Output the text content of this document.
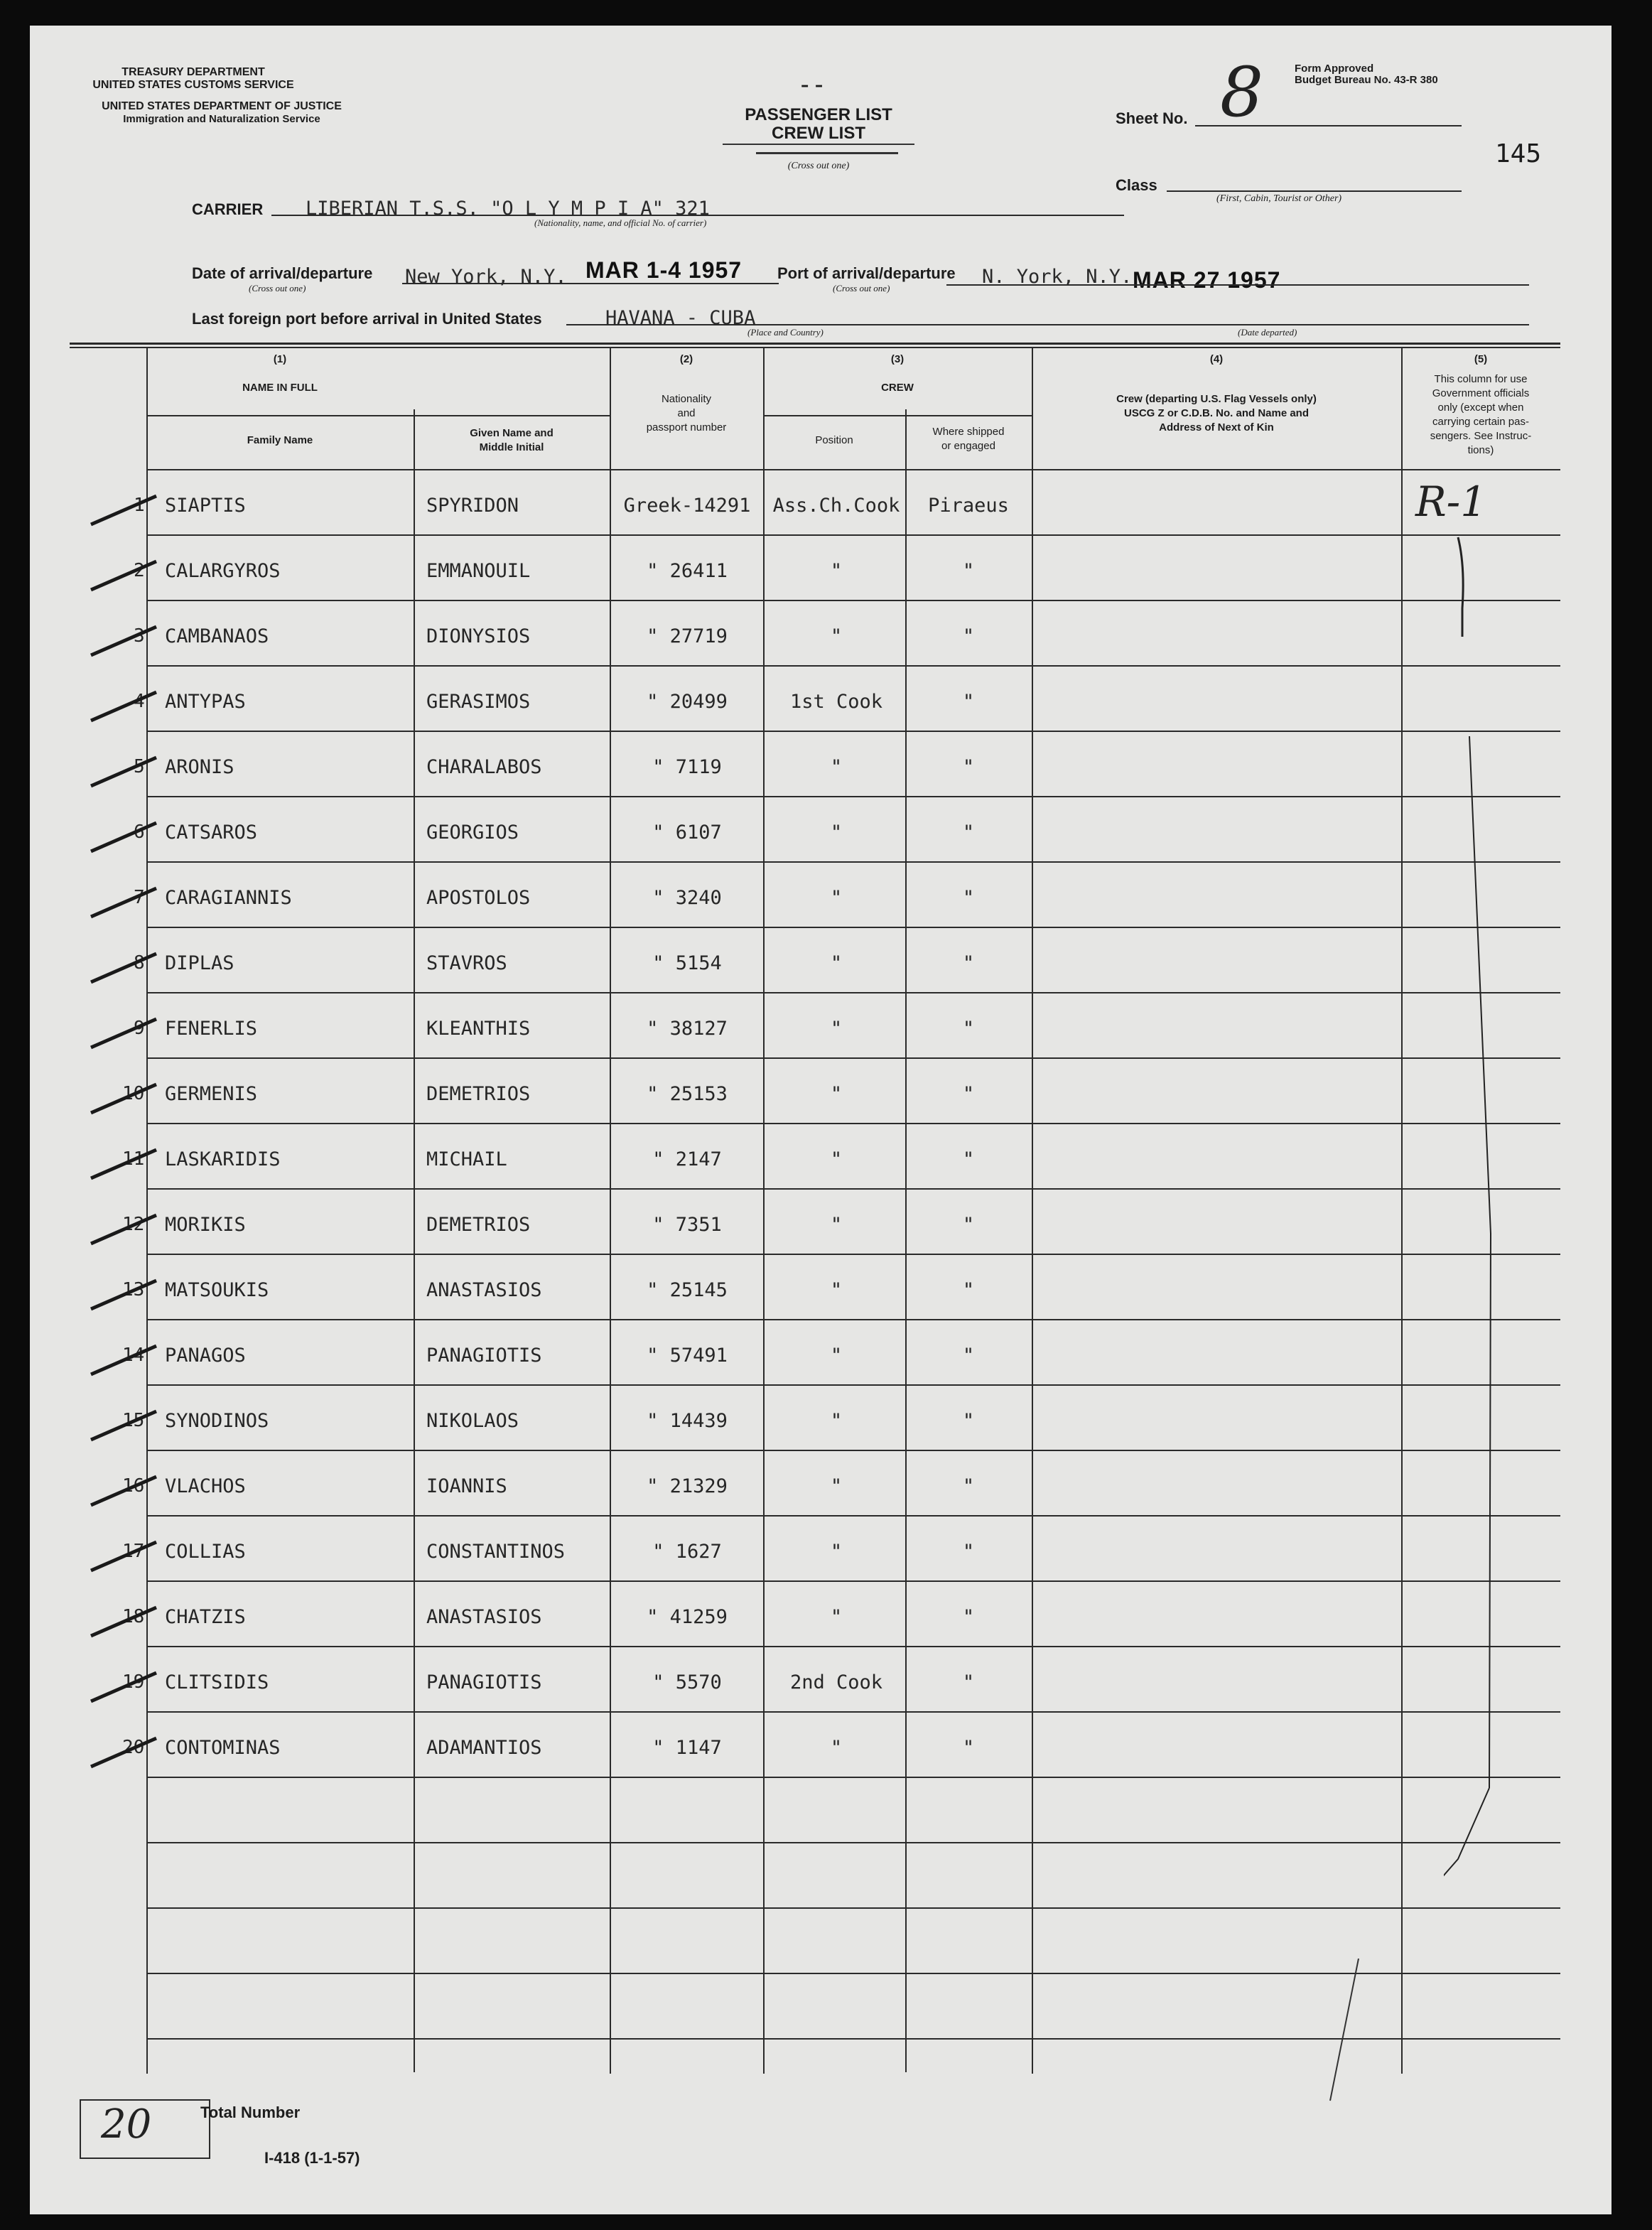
TREASURY DEPARTMENT
UNITED STATES CUSTOMS SERVICE
UNITED STATES DEPARTMENT OF JUSTICE
Immigration and Naturalization Service
- -
PASSENGER LIST
CREW LIST
(Cross out one)
Sheet No. 8	Form Approved
Budget Bureau No. 43-R 380
145
Class
(First, Cabin, Tourist or Other)
CARRIER LIBERIAN T.S.S. "O L Y M P I A" 321
(Nationality, name, and official No. of carrier)
Date of arrival/departure
(Cross out one)
New York, N.Y. MAR 1-4 1957 Port of arrival/departure
(Cross out one)
N. York, N.Y. MAR 27 1957
Last foreign port before arrival in United States	HAVANA - CUBA
(Place and Country)	(Date departed)
(1)
NAME IN FULL
Family Name
Given Name and
Middle Initial
(2)
Nationality
and
passport number
(3)
CREW
Position
Where shipped
or engaged
(4)
Crew (departing U.S. Flag Vessels only)
USCG Z or C.D.B. No. and Name and
Address of Next of Kin
(5)
This column for use
Government officials
only (except when
carrying certain pas-
sengers. See Instruc-
tions)
1 SIAPTIS	SPYRIDON	Greek-14291	Ass.Ch.Cook	Piraeus
2 CALARGYROS	EMMANOUIL	" 26411	"	"
3 CAMBANAOS	DIONYSIOS	" 27719	"	"
4 ANTYPAS	GERASIMOS	" 20499	1st Cook	"
5 ARONIS	CHARALABOS	" 7119	"	"
6 CATSAROS	GEORGIOS	" 6107	"	"
7 CARAGIANNIS	APOSTOLOS	" 3240	"	"
8 DIPLAS	STAVROS	" 5154	"	"
9 FENERLIS	KLEANTHIS	" 38127	"	"
10 GERMENIS	DEMETRIOS	" 25153	"	"
11 LASKARIDIS	MICHAIL	" 2147	"	"
12 MORIKIS	DEMETRIOS	" 7351	"	"
13 MATSOUKIS	ANASTASIOS	" 25145	"	"
14 PANAGOS	PANAGIOTIS	" 57491	"	"
15 SYNODINOS	NIKOLAOS	" 14439	"	"
16 VLACHOS	IOANNIS	" 21329	"	"
17 COLLIAS	CONSTANTINOS	" 1627	"	"
18 CHATZIS	ANASTASIOS	" 41259	"	"
19 CLITSIDIS	PANAGIOTIS	" 5570	2nd Cook	"
20 CONTOMINAS	ADAMANTIOS	" 1147	"	"
R-1
20	Total Number
I-418 (1-1-57)
